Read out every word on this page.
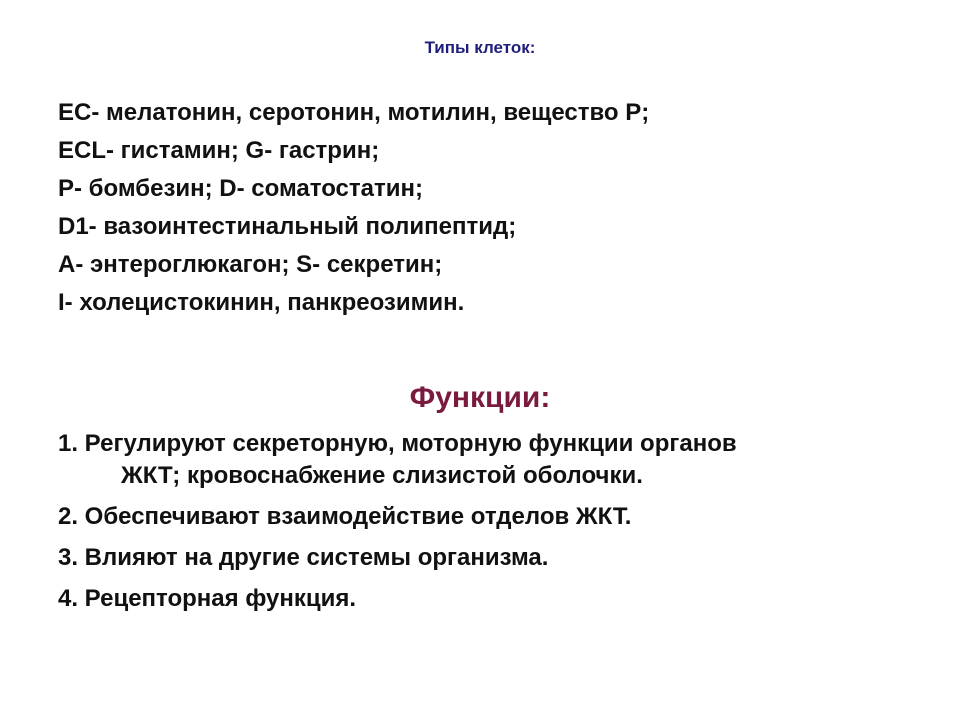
Типы клеток:
EC- мелатонин, серотонин, мотилин, вещество P;
ECL- гистамин; G- гастрин;
P- бомбезин; D- соматостатин;
D1- вазоинтестинальный полипептид;
A- энтероглюкагон; S- секретин;
I- холецистокинин, панкреозимин.
Функции:
1. Регулируют секреторную, моторную функции органов
ЖКТ; кровоснабжение слизистой оболочки.
2. Обеспечивают взаимодействие отделов ЖКТ.
3. Влияют на другие системы организма.
4. Рецепторная функция.
